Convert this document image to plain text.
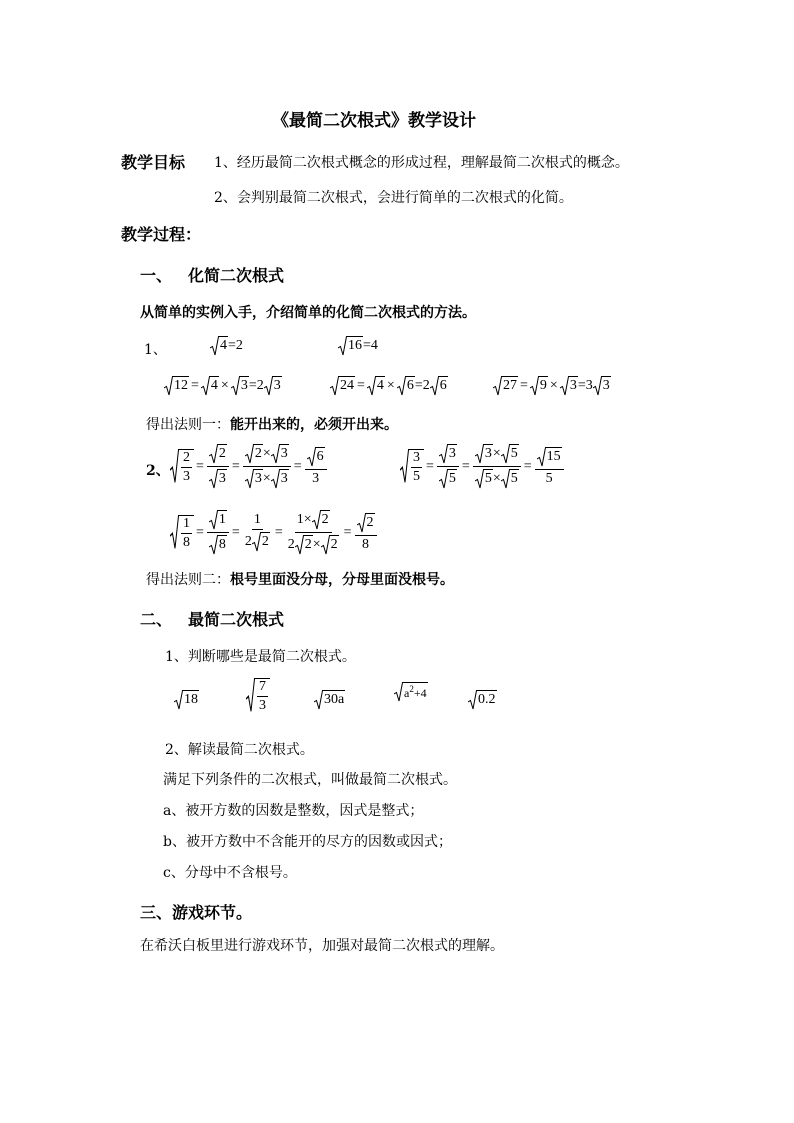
《最简二次根式》教学设计
教学目标 1、经历最简二次根式概念的形成过程，理解最简二次根式的概念。
2、会判别最简二次根式，会进行简单的二次根式的化简。
教学过程：
一、 化简二次根式
从简单的实例入手，介绍简单的化简二次根式的方法。
1、	4 =2	16 =4
12 = 4 × 3 =2 3	24 = 4 × 6 =2 6	27 = 9 × 3 =3 3
得出法则一：能开出来的，必须开出来。
2、 $\frac{2}{3} = \frac{2}{3} = \frac{2 \times 3}{3 \times 3} = \frac{6}{3}$	$\frac{3}{5} = \frac{3}{5} = \frac{3 \times 5}{5 \times 5} = \frac{15}{5}$
$\frac{1}{8} = \frac{1}{8} = \frac{1}{2 2} = \frac{1\times 2}{2 2 \times 2} = \frac{2}{8}$
得出法则二：根号里面没分母，分母里面没根号。
二、 最简二次根式
1、判断哪些是最简二次根式。
18	$\frac{7}{3}$	30a	$a^2+4$	0.2
2、解读最简二次根式。
满足下列条件的二次根式，叫做最简二次根式。
a、被开方数的因数是整数，因式是整式；
b、被开方数中不含能开的尽方的因数或因式；
c、分母中不含根号。
三、游戏环节。
在希沃白板里进行游戏环节，加强对最简二次根式的理解。
